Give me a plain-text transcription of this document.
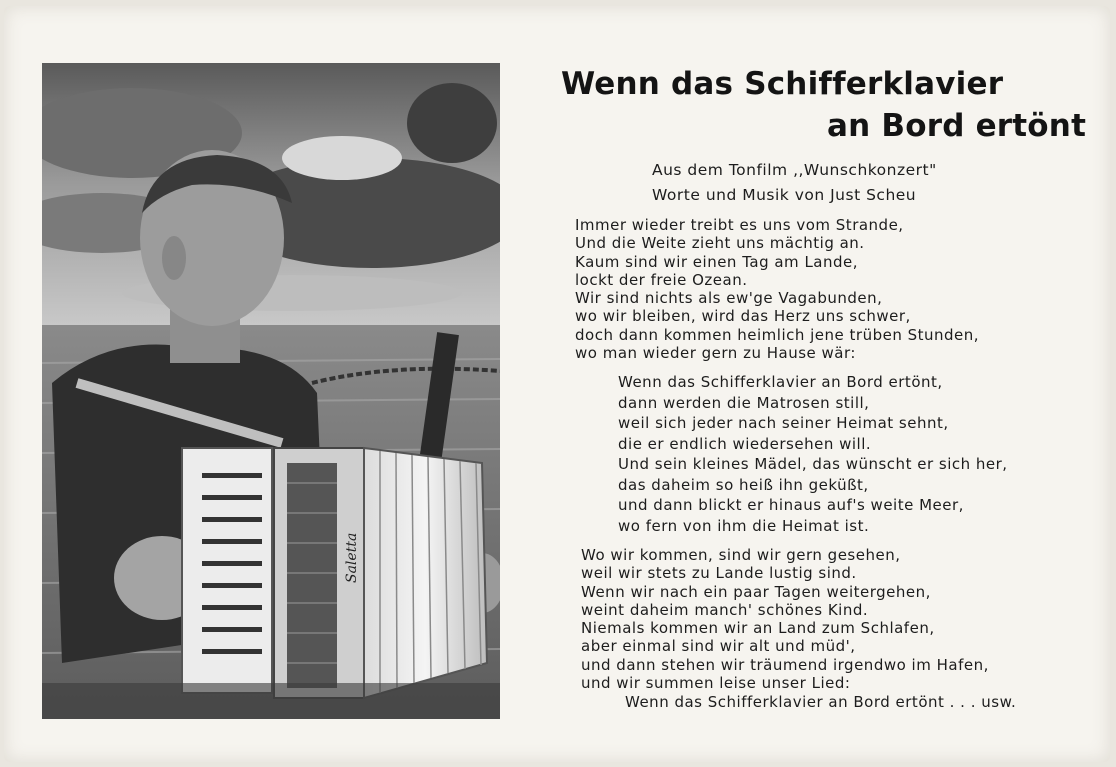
Saletta
Wenn das Schifferklavier
an Bord ertönt
Aus dem Tonfilm ,,Wunschkonzert"
Worte und Musik von Just Scheu
Immer wieder treibt es uns vom Strande,
Und die Weite zieht uns mächtig an.
Kaum sind wir einen Tag am Lande,
lockt der freie Ozean.
Wir sind nichts als ew'ge Vagabunden,
wo wir bleiben, wird das Herz uns schwer,
doch dann kommen heimlich jene trüben Stunden,
wo man wieder gern zu Hause wär:
Wenn das Schifferklavier an Bord ertönt,
dann werden die Matrosen still,
weil sich jeder nach seiner Heimat sehnt,
die er endlich wiedersehen will.
Und sein kleines Mädel, das wünscht er sich her,
das daheim so heiß ihn geküßt,
und dann blickt er hinaus auf's weite Meer,
wo fern von ihm die Heimat ist.
Wo wir kommen, sind wir gern gesehen,
weil wir stets zu Lande lustig sind.
Wenn wir nach ein paar Tagen weitergehen,
weint daheim manch' schönes Kind.
Niemals kommen wir an Land zum Schlafen,
aber einmal sind wir alt und müd',
und dann stehen wir träumend irgendwo im Hafen,
und wir summen leise unser Lied:
Wenn das Schifferklavier an Bord ertönt . . . usw.
